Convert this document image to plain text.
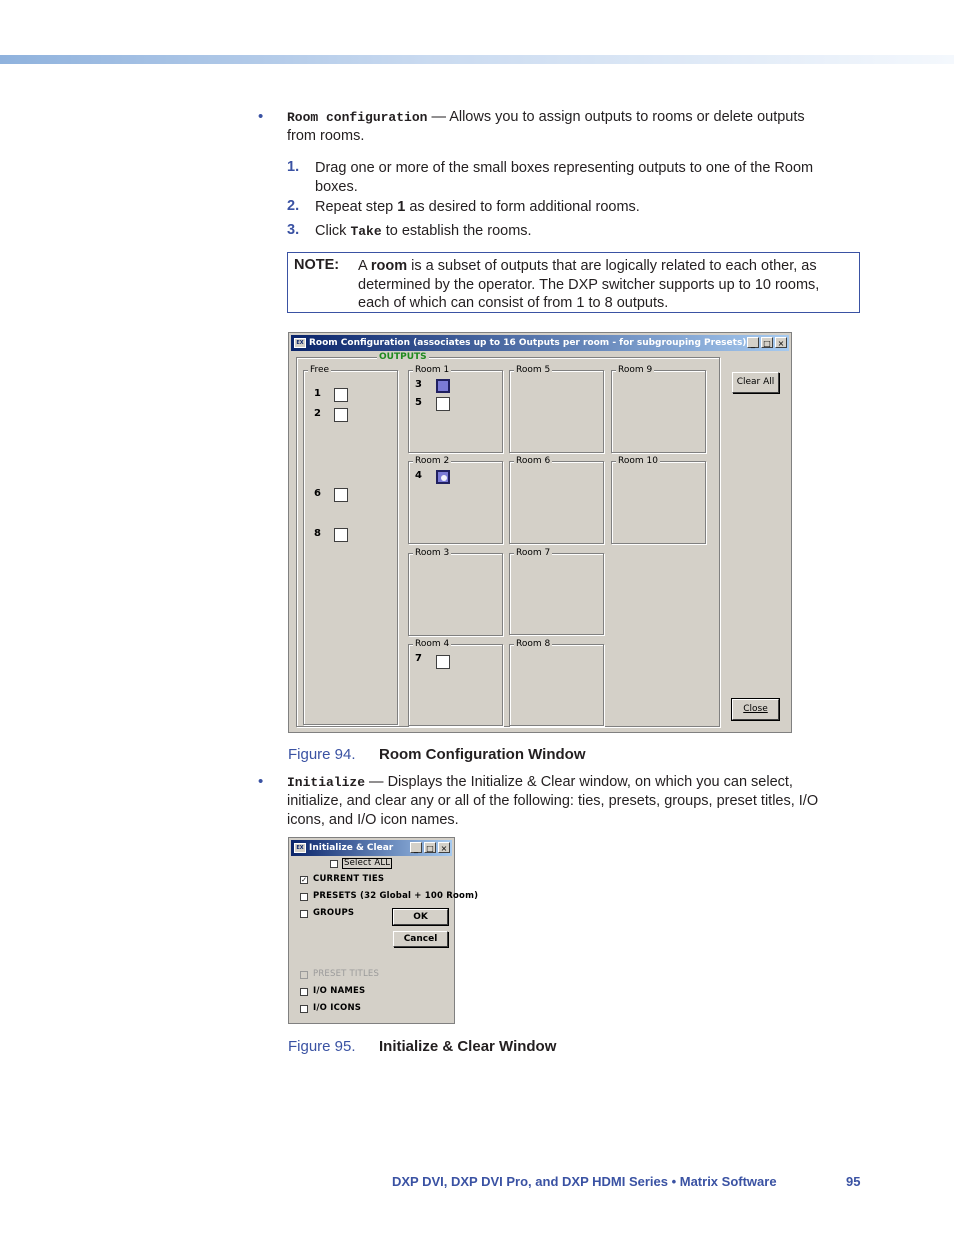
• Room configuration — Allows you to assign outputs to rooms or delete outputs
from rooms.
1. Drag one or more of the small boxes representing outputs to one of the Room
boxes.
2. Repeat step 1 as desired to form additional rooms.
3. Click Take to establish the rooms.
NOTE: A room is a subset of outputs that are logically related to each other, as
determined by the operator. The DXP switcher supports up to 10 rooms,
each of which can consist of from 1 to 8 outputs.
EX Room Configuration (associates up to 16 Outputs per room - for subgrouping Presets) _	□ ×
OUTPUTS
Free
1
2
6
8
Room 1
3
5
Room 2
4
Room 3
Room 4
7
Room 5
Room 6
Room 7
Room 8
Room 9
Room 10
Clear All
Close
Figure 94. Room Configuration Window
• Initialize — Displays the Initialize & Clear window, on which you can select,
initialize, and clear any or all of the following: ties, presets, groups, preset titles, I/O
icons, and I/O icon names.
EX Initialize & Clear	_	□ ×
Select ALL
✓ CURRENT TIES
PRESETS (32 Global + 100 Room)
GROUPS	OK
Cancel
PRESET TITLES
I/O NAMES
I/O ICONS
Figure 95. Initialize & Clear Window
DXP DVI, DXP DVI Pro, and DXP HDMI Series • Matrix Software	95
